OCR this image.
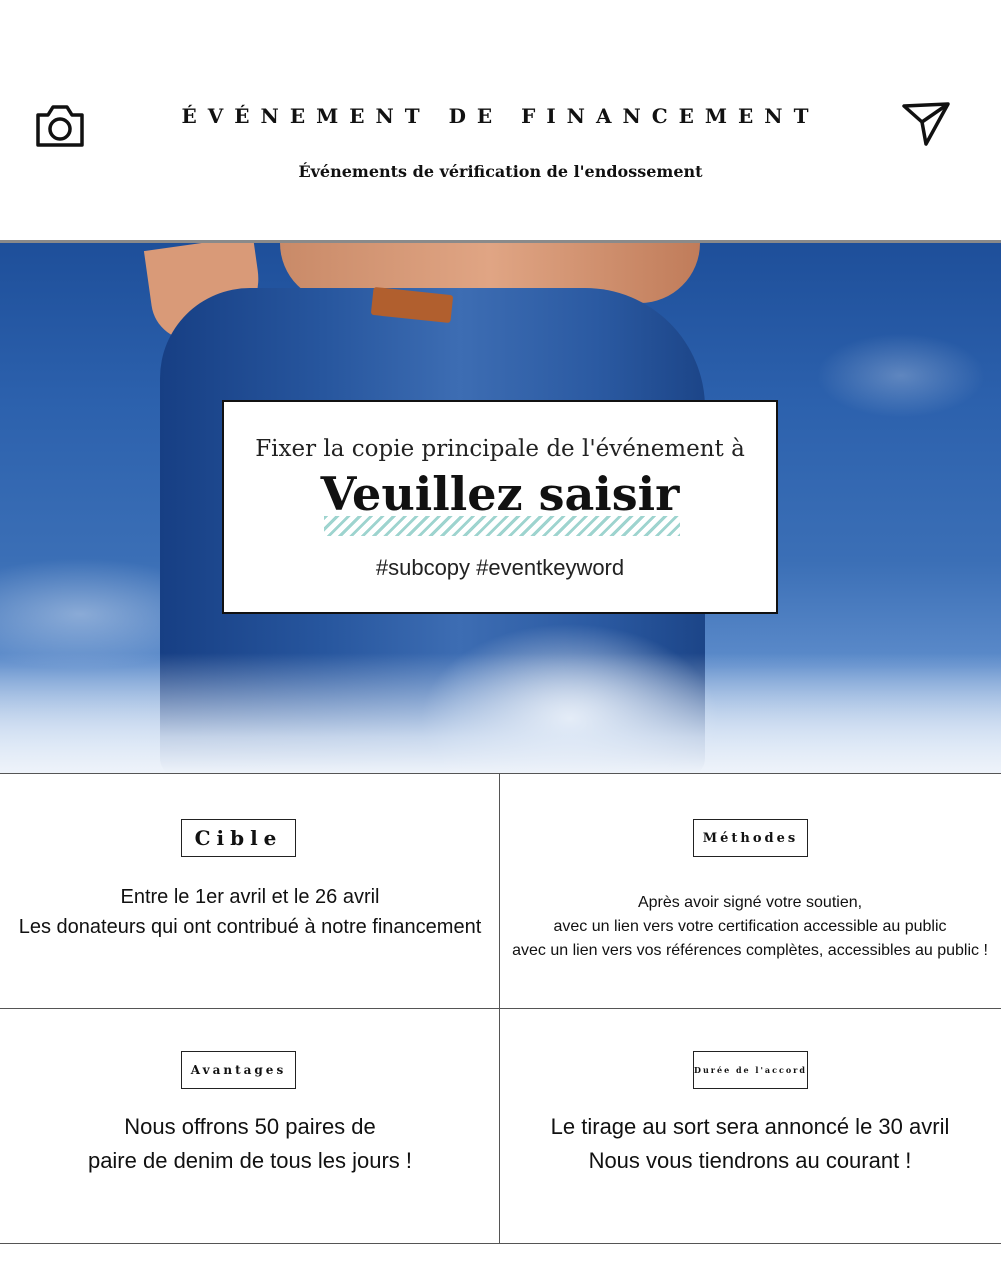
ÉVÉNEMENT DE FINANCEMENT
Événements de vérification de l'endossement
Fixer la copie principale de l'événement à
Veuillez saisir
#subcopy #eventkeyword
Cible
Entre le 1er avril et le 26 avril
Les donateurs qui ont contribué à notre financement
Méthodes
Après avoir signé votre soutien,
avec un lien vers votre certification accessible au public
avec un lien vers vos références complètes, accessibles au public !
Avantages
Nous offrons 50 paires de
paire de denim de tous les jours !
Durée de l'accord
Le tirage au sort sera annoncé le 30 avril
Nous vous tiendrons au courant !
